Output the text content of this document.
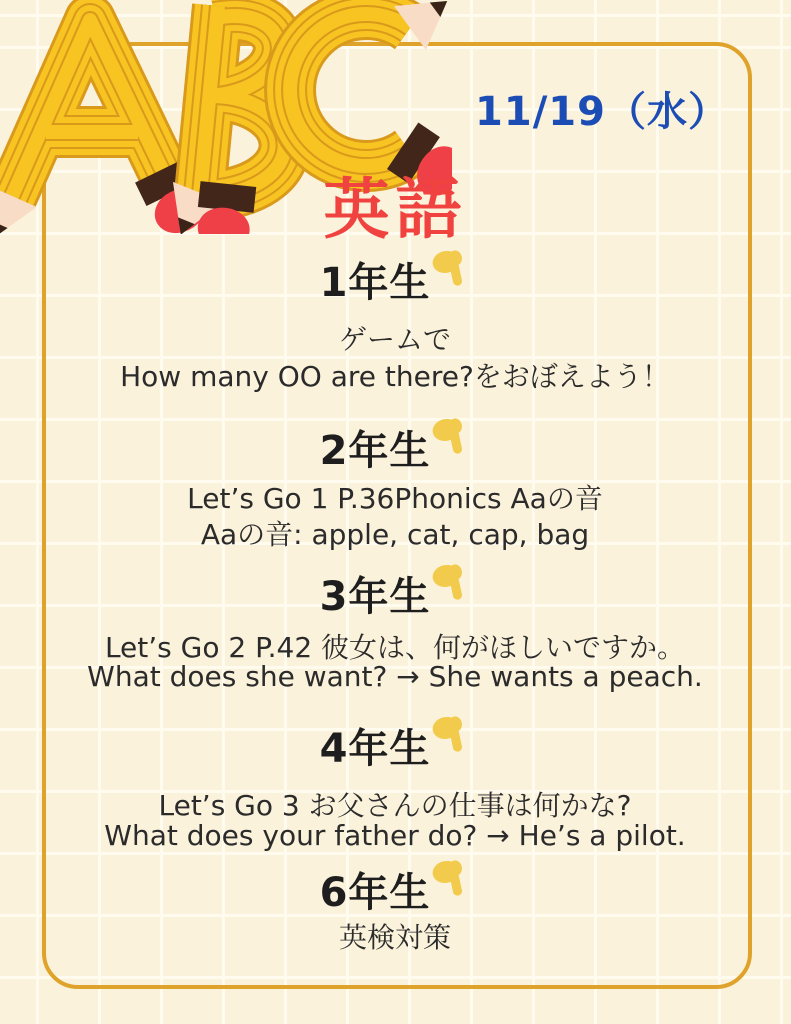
11/19（水）
英語
1年生
ゲームで
How many OO are there?をおぼえよう！
2年生
Let’s Go 1 P.36Phonics Aaの音
Aaの音: apple, cat, cap, bag
3年生
Let’s Go 2 P.42 彼女は、何がほしいですか。
What does she want? → She wants a peach.
4年生
Let’s Go 3 お父さんの仕事は何かな?
What does your father do? → He’s a pilot.
6年生
英検対策
